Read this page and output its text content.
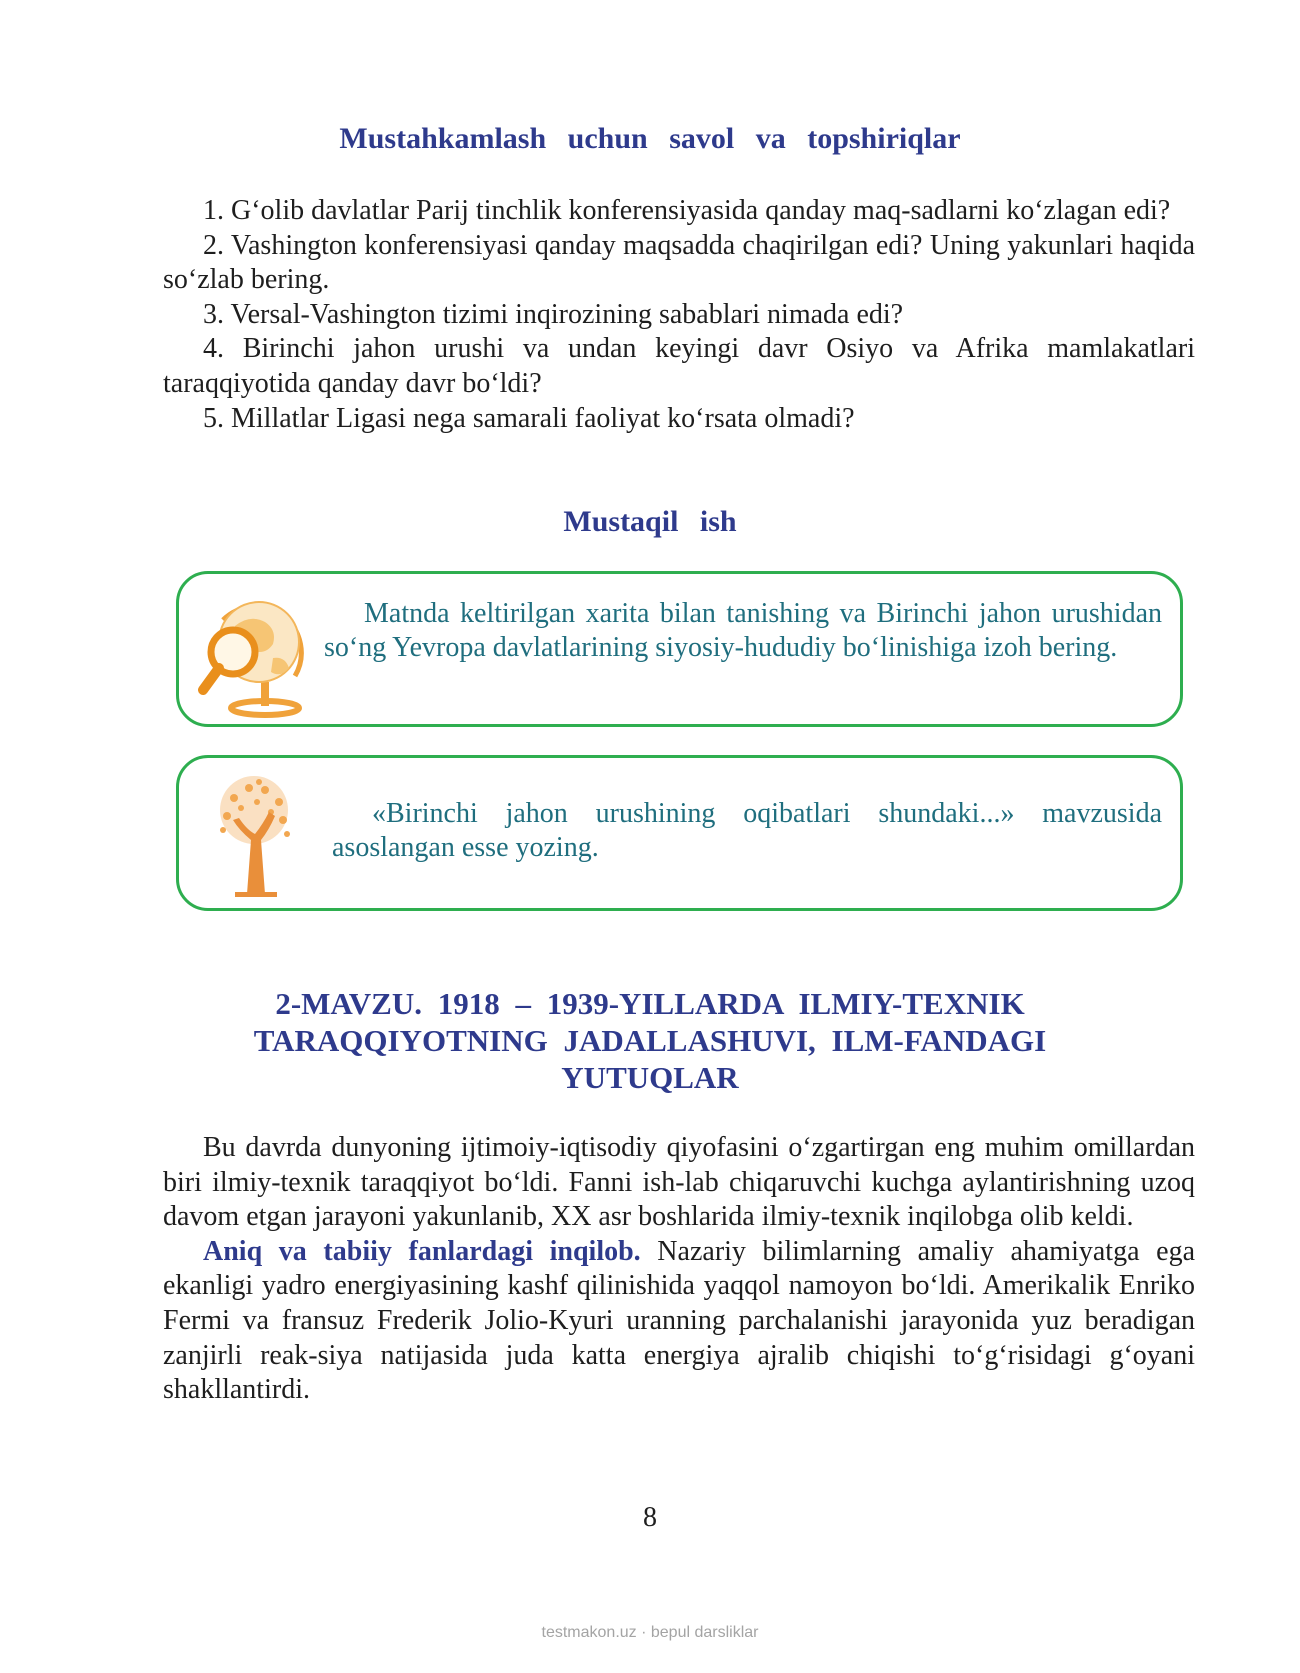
Mustahkamlash uchun savol va topshiriqlar

1. G‘olib davlatlar Parij tinchlik konferensiyasida qanday maq-sadlarni ko‘zlagan edi?

2. Vashington konferensiyasi qanday maqsadda chaqirilgan edi? Uning yakunlari haqida so‘zlab bering.

3. Versal-Vashington tizimi inqirozining sabablari nimada edi?

4. Birinchi jahon urushi va undan keyingi davr Osiyo va Afrika mamlakatlari taraqqiyotida qanday davr bo‘ldi?

5. Millatlar Ligasi nega samarali faoliyat ko‘rsata olmadi?

Mustaqil ish
Matnda keltirilgan xarita bilan tanishing va Birinchi jahon urushidan so‘ng Yevropa davlatlarining siyosiy-hududiy bo‘linishiga izoh bering.
«Birinchi jahon urushining oqibatlari shundaki...» mavzusida asoslangan esse yozing.
2-MAVZU. 1918 – 1939-YILLARDA ILMIY-TEXNIK
TARAQQIYOTNING JADALLASHUVI, ILM-FANDAGI
YUTUQLAR

Bu davrda dunyoning ijtimoiy-iqtisodiy qiyofasini o‘zgartirgan eng muhim omillardan biri ilmiy-texnik taraqqiyot bo‘ldi. Fanni ish-lab chiqaruvchi kuchga aylantirishning uzoq davom etgan jarayoni yakunlanib, XX asr boshlarida ilmiy-texnik inqilobga olib keldi.

Aniq va tabiiy fanlardagi inqilob. Nazariy bilimlarning amaliy ahamiyatga ega ekanligi yadro energiyasining kashf qilinishida yaqqol namoyon bo‘ldi. Amerikalik Enriko Fermi va fransuz Frederik Jolio-Kyuri uranning parchalanishi jarayonida yuz beradigan zanjirli reak-siya natijasida juda katta energiya ajralib chiqishi to‘g‘risidagi g‘oyani shakllantirdi.

8
testmakon.uz · bepul darsliklar
